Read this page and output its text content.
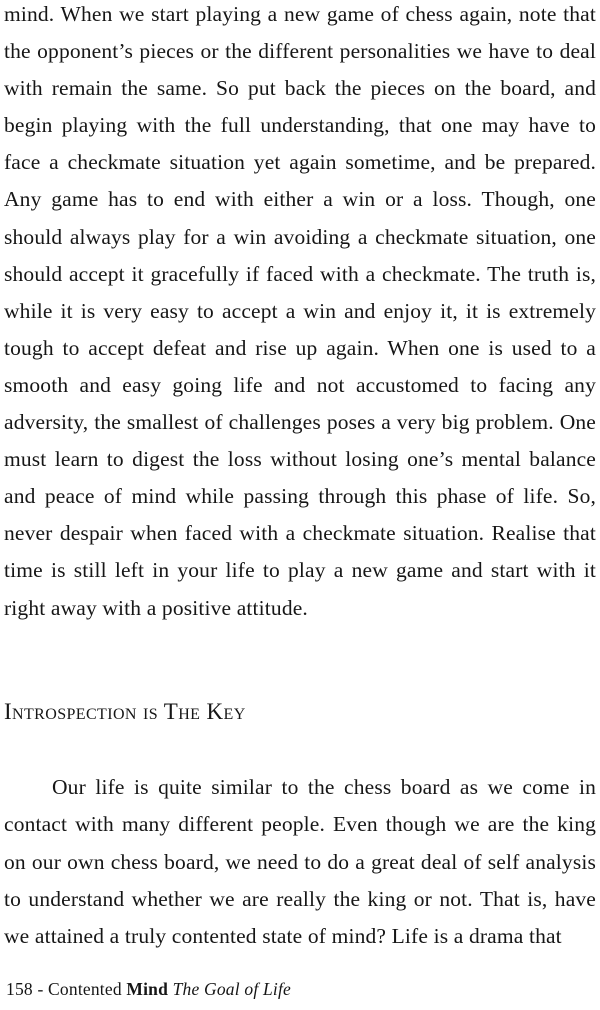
mind. When we start playing a new game of chess again, note that the opponent’s pieces or the different personalities we have to deal with remain the same. So put back the pieces on the board, and begin playing with the full understanding, that one may have to face a checkmate situation yet again sometime, and be prepared. Any game has to end with either a win or a loss. Though, one should always play for a win avoiding a checkmate situation, one should accept it gracefully if faced with a checkmate. The truth is, while it is very easy to accept a win and enjoy it, it is extremely tough to accept defeat and rise up again. When one is used to a smooth and easy going life and not accustomed to facing any adversity, the smallest of challenges poses a very big problem. One must learn to digest the loss without losing one’s mental balance and peace of mind while passing through this phase of life. So, never despair when faced with a checkmate situation. Realise that time is still left in your life to play a new game and start with it right away with a positive attitude.

Introspection is The Key

Our life is quite similar to the chess board as we come in contact with many different people. Even though we are the king on our own chess board, we need to do a great deal of self analysis to understand whether we are really the king or not. That is, have we attained a truly contented state of mind? Life is a drama that

158 - Contented Mind The Goal of Life
